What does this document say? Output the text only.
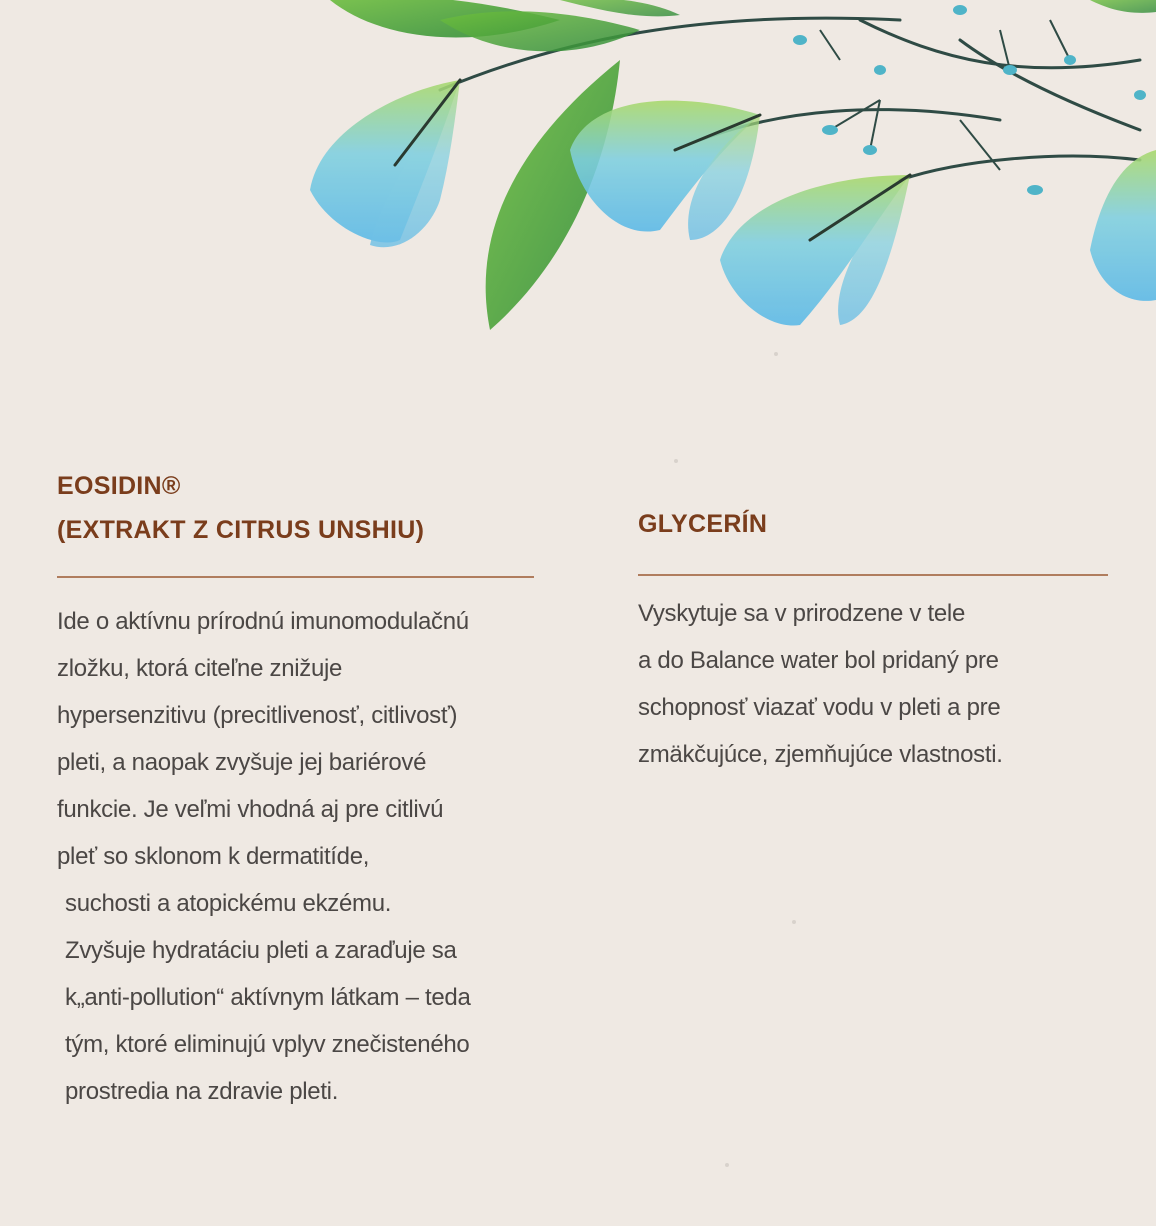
EOSIDIN®
(EXTRAKT Z CITRUS UNSHIU)

Ide o aktívnu prírodnú imunomodulačnú
zložku, ktorá citeľne znižuje
hypersenzitivu (precitlivenosť, citlivosť)
pleti, a naopak zvyšuje jej bariérové
funkcie. Je veľmi vhodná aj pre citlivú
pleť so sklonom k dermatitíde,
suchosti a atopickému ekzému.
Zvyšuje hydratáciu pleti a zaraďuje sa
k„anti-pollution“ aktívnym látkam – teda
tým, ktoré eliminujú vplyv znečisteného
prostredia na zdravie pleti.

GLYCERÍN

Vyskytuje sa v prirodzene v tele
a do Balance water bol pridaný pre
schopnosť viazať vodu v pleti a pre
zmäkčujúce, zjemňujúce vlastnosti.
